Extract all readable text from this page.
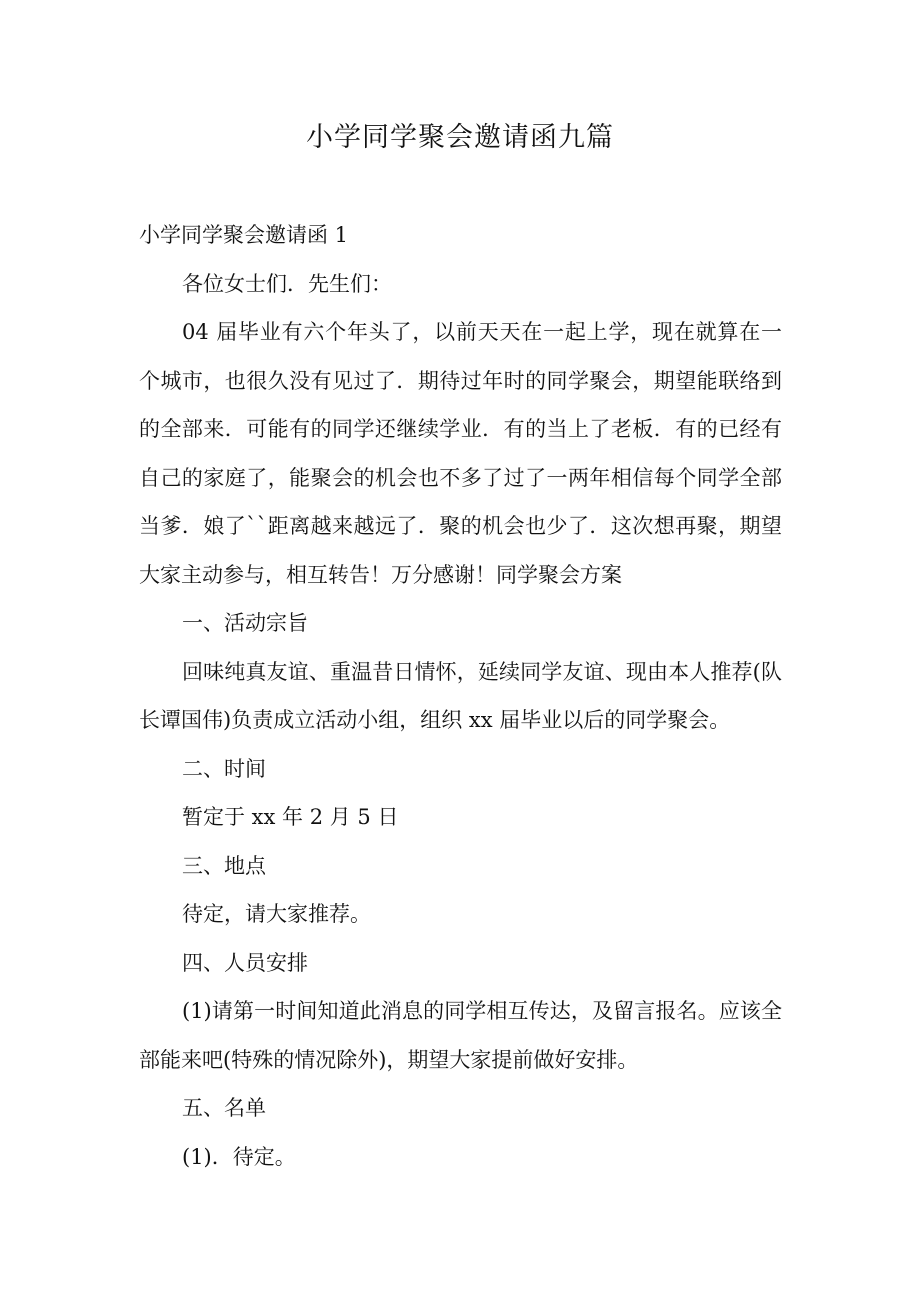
小学同学聚会邀请函九篇

小学同学聚会邀请函 1

各位女士们．先生们：

04 届毕业有六个年头了，以前天天在一起上学，现在就算在一个城市，也很久没有见过了．期待过年时的同学聚会，期望能联络到的全部来．可能有的同学还继续学业．有的当上了老板．有的已经有自己的家庭了，能聚会的机会也不多了过了一两年相信每个同学全部当爹．娘了``距离越来越远了．聚的机会也少了．这次想再聚，期望大家主动参与，相互转告！万分感谢！同学聚会方案

一、活动宗旨

回味纯真友谊、重温昔日情怀，延续同学友谊、现由本人推荐(队长谭国伟)负责成立活动小组，组织 xx 届毕业以后的同学聚会。

二、时间

暂定于 xx 年 2 月 5 日

三、地点

待定，请大家推荐。

四、人员安排

(1)请第一时间知道此消息的同学相互传达，及留言报名。应该全部能来吧(特殊的情况除外)，期望大家提前做好安排。

五、名单

(1)．待定。
